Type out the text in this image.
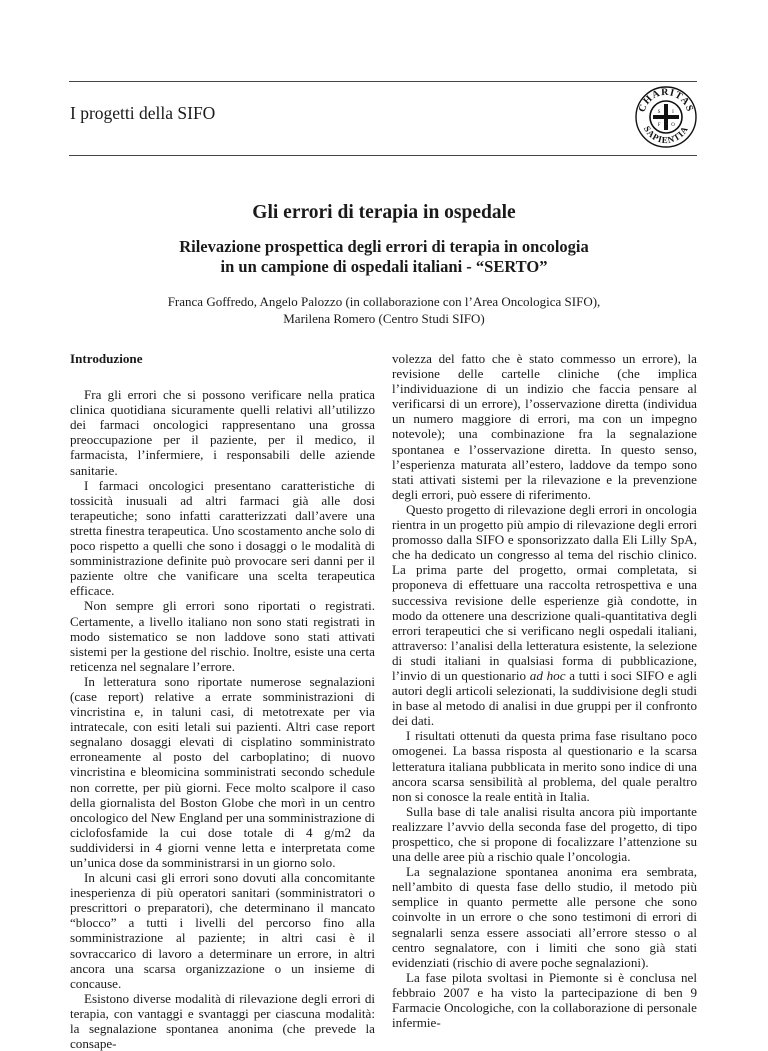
I progetti della SIFO	CHARITAS
SAPIENTIA
S I
F O
Gli errori di terapia in ospedale
Rilevazione prospettica degli errori di terapia in oncologia
in un campione di ospedali italiani - “SERTO”
Franca Goffredo, Angelo Palozzo (in collaborazione con l’Area Oncologica SIFO),
Marilena Romero (Centro Studi SIFO)
Introduzione

Fra gli errori che si possono verificare nella pratica clinica quotidiana sicuramente quelli relativi all’utilizzo dei farmaci oncologici rappresentano una grossa preoccupazione per il paziente, per il medico, il farmacista, l’infermiere, i responsabili delle aziende sanitarie.

I farmaci oncologici presentano caratteristiche di tossicità inusuali ad altri farmaci già alle dosi terapeutiche; sono infatti caratterizzati dall’avere una stretta finestra terapeutica. Uno scostamento anche solo di poco rispetto a quelli che sono i dosaggi o le modalità di somministrazione definite può provocare seri danni per il paziente oltre che vanificare una scelta terapeutica efficace.

Non sempre gli errori sono riportati o registrati. Certamente, a livello italiano non sono stati registrati in modo sistematico se non laddove sono stati attivati sistemi per la gestione del rischio. Inoltre, esiste una certa reticenza nel segnalare l’errore.

In letteratura sono riportate numerose segnalazioni (case report) relative a errate somministrazioni di vincristina e, in taluni casi, di metotrexate per via intratecale, con esiti letali sui pazienti. Altri case report segnalano dosaggi elevati di cisplatino somministrato erroneamente al posto del carboplatino; di nuovo vincristina e bleomicina somministrati secondo schedule non corrette, per più giorni. Fece molto scalpore il caso della giornalista del Boston Globe che morì in un centro oncologico del New England per una somministrazione di ciclofosfamide la cui dose totale di 4 g/m2 da suddividersi in 4 giorni venne letta e interpretata come un’unica dose da somministrarsi in un giorno solo.

In alcuni casi gli errori sono dovuti alla concomitante inesperienza di più operatori sanitari (somministratori o prescrittori o preparatori), che determinano il mancato “blocco” a tutti i livelli del percorso fino alla somministrazione al paziente; in altri casi è il sovraccarico di lavoro a determinare un errore, in altri ancora una scarsa organizzazione o un insieme di concause.

Esistono diverse modalità di rilevazione degli errori di terapia, con vantaggi e svantaggi per ciascuna modalità: la segnalazione spontanea anonima (che prevede la consape-

volezza del fatto che è stato commesso un errore), la revisione delle cartelle cliniche (che implica l’individuazione di un indizio che faccia pensare al verificarsi di un errore), l’osservazione diretta (individua un numero maggiore di errori, ma con un impegno notevole); una combinazione fra la segnalazione spontanea e l’osservazione diretta. In questo senso, l’esperienza maturata all’estero, laddove da tempo sono stati attivati sistemi per la rilevazione e la prevenzione degli errori, può essere di riferimento.

Questo progetto di rilevazione degli errori in oncologia rientra in un progetto più ampio di rilevazione degli errori promosso dalla SIFO e sponsorizzato dalla Eli Lilly SpA, che ha dedicato un congresso al tema del rischio clinico. La prima parte del progetto, ormai completata, si proponeva di effettuare una raccolta retrospettiva e una successiva revisione delle esperienze già condotte, in modo da ottenere una descrizione quali-quantitativa degli errori terapeutici che si verificano negli ospedali italiani, attraverso: l’analisi della letteratura esistente, la selezione di studi italiani in qualsiasi forma di pubblicazione, l’invio di un questionario ad hoc a tutti i soci SIFO e agli autori degli articoli selezionati, la suddivisione degli studi in base al metodo di analisi in due gruppi per il confronto dei dati.

I risultati ottenuti da questa prima fase risultano poco omogenei. La bassa risposta al questionario e la scarsa letteratura italiana pubblicata in merito sono indice di una ancora scarsa sensibilità al problema, del quale peraltro non si conosce la reale entità in Italia.

Sulla base di tale analisi risulta ancora più importante realizzare l’avvio della seconda fase del progetto, di tipo prospettico, che si propone di focalizzare l’attenzione su una delle aree più a rischio quale l’oncologia.

La segnalazione spontanea anonima era sembrata, nell’ambito di questa fase dello studio, il metodo più semplice in quanto permette alle persone che sono coinvolte in un errore o che sono testimoni di errori di segnalarli senza essere associati all’errore stesso o al centro segnalatore, con i limiti che sono già stati evidenziati (rischio di avere poche segnalazioni).

La fase pilota svoltasi in Piemonte si è conclusa nel febbraio 2007 e ha visto la partecipazione di ben 9 Farmacie Oncologiche, con la collaborazione di personale infermie-
